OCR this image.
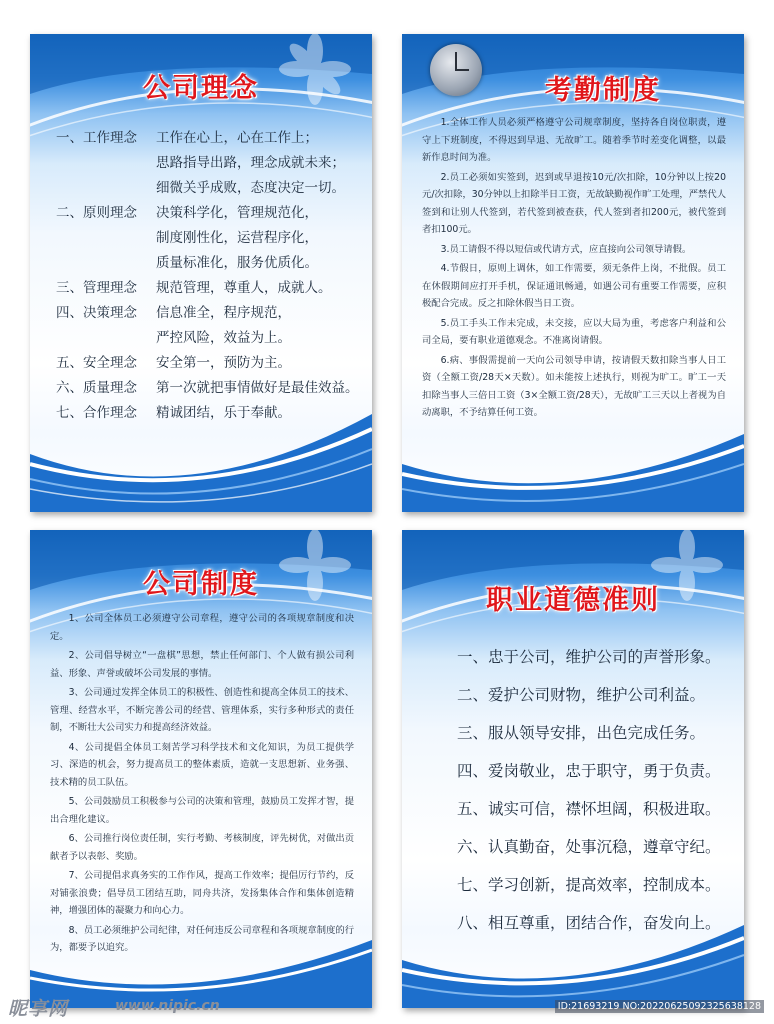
公司理念
一、工作理念	工作在心上，心在工作上；
思路指导出路，理念成就未来；
细微关乎成败，态度决定一切。
二、原则理念	决策科学化，管理规范化，
制度刚性化，运营程序化，
质量标准化，服务优质化。
三、管理理念	规范管理，尊重人，成就人。
四、决策理念	信息准全，程序规范，
严控风险，效益为上。
五、安全理念	安全第一，预防为主。
六、质量理念	第一次就把事情做好是最佳效益。
七、合作理念	精诚团结，乐于奉献。
考勤制度

1.全体工作人员必须严格遵守公司规章制度，坚持各自岗位职责，遵守上下班制度，不得迟到早退、无故旷工。随着季节时差变化调整，以最新作息时间为准。

2.员工必须如实签到，迟到或早退按10元/次扣除，10分钟以上按20元/次扣除，30分钟以上扣除半日工资，无故缺勤视作旷工处理，严禁代人签到和让别人代签到，若代签到被查获，代人签到者扣200元，被代签到者扣100元。

3.员工请假不得以短信或代请方式，应直接向公司领导请假。

4.节假日，原则上调休，如工作需要，须无条件上岗，不批假。员工在休假期间应打开手机，保证通讯畅通，如遇公司有重要工作需要，应积极配合完成。反之扣除休假当日工资。

5.员工手头工作未完成，未交接，应以大局为重，考虑客户利益和公司全局，要有职业道德观念。不准离岗请假。

6.病、事假需提前一天向公司领导申请，按请假天数扣除当事人日工资（全额工资/28天×天数）。如未能按上述执行，则视为旷工。旷工一天扣除当事人三倍日工资（3×全额工资/28天），无故旷工三天以上者视为自动离职，不予结算任何工资。

公司制度

1、公司全体员工必须遵守公司章程，遵守公司的各项规章制度和决定。

2、公司倡导树立“一盘棋”思想，禁止任何部门、个人做有损公司利益、形象、声誉或破坏公司发展的事情。

3、公司通过发挥全体员工的积极性、创造性和提高全体员工的技术、管理、经营水平，不断完善公司的经营、管理体系，实行多种形式的责任制，不断壮大公司实力和提高经济效益。

4、公司提倡全体员工刻苦学习科学技术和文化知识，为员工提供学习、深造的机会，努力提高员工的整体素质，造就一支思想新、业务强、技术精的员工队伍。

5、公司鼓励员工积极参与公司的决策和管理，鼓励员工发挥才智，提出合理化建议。

6、公司推行岗位责任制，实行考勤、考核制度，评先树优，对做出贡献者予以表彰、奖励。

7、公司提倡求真务实的工作作风，提高工作效率；提倡厉行节约，反对铺张浪费；倡导员工团结互助，同舟共济，发扬集体合作和集体创造精神，增强团体的凝聚力和向心力。

8、员工必须维护公司纪律，对任何违反公司章程和各项规章制度的行为，都要予以追究。

职业道德准则
一、忠于公司，维护公司的声誉形象。
二、爱护公司财物，维护公司利益。
三、服从领导安排，出色完成任务。
四、爱岗敬业，忠于职守，勇于负责。
五、诚实可信，襟怀坦阔，积极进取。
六、认真勤奋，处事沉稳，遵章守纪。
七、学习创新，提高效率，控制成本。
八、相互尊重，团结合作，奋发向上。
昵享网	www.nipic.cn	ID:21693219 NO:20220625092325638128
